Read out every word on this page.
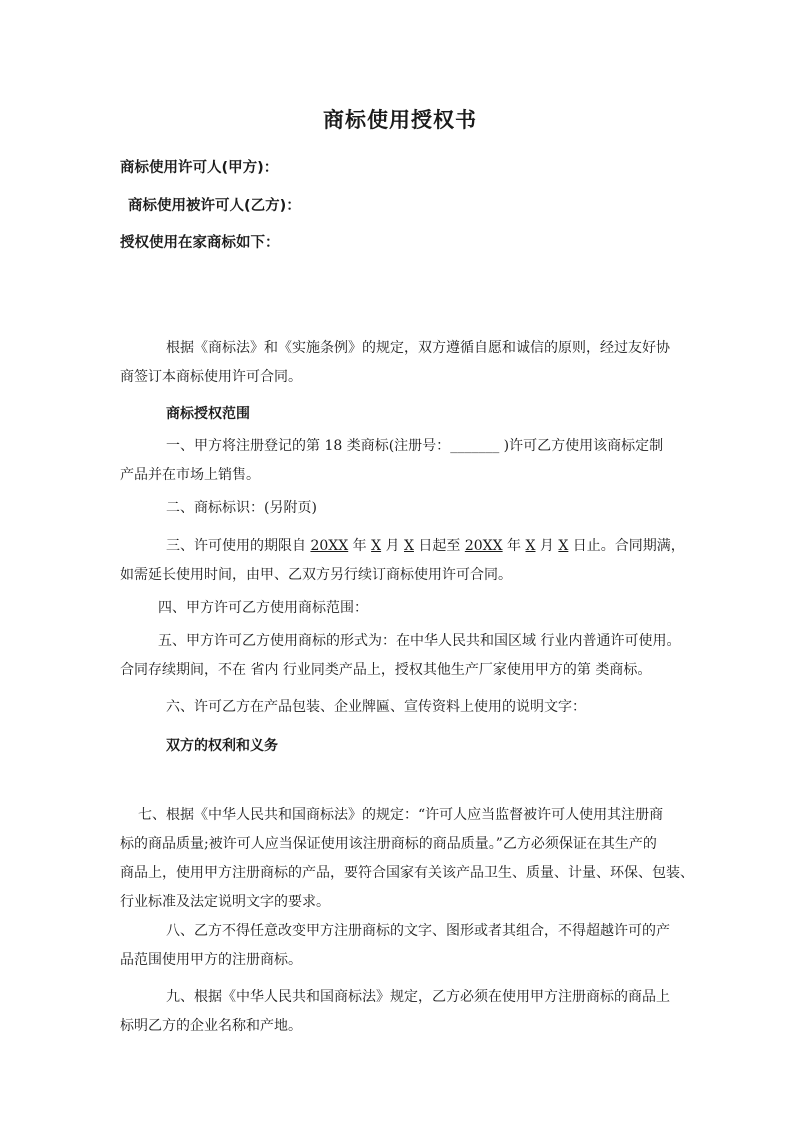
商标使用授权书
商标使用许可人(甲方)：
商标使用被许可人(乙方)：
授权使用在家商标如下：
根据《商标法》和《实施条例》的规定，双方遵循自愿和诚信的原则，经过友好协
商签订本商标使用许可合同。
商标授权范围
一、甲方将注册登记的第 18 类商标(注册号：_______ )许可乙方使用该商标定制
产品并在市场上销售。
二、商标标识：(另附页)
三、许可使用的期限自 20XX 年 X 月 X 日起至 20XX 年 X 月 X 日止。合同期满，
如需延长使用时间，由甲、乙双方另行续订商标使用许可合同。
四、甲方许可乙方使用商标范围：
五、甲方许可乙方使用商标的形式为：在中华人民共和国区域 行业内普通许可使用。
合同存续期间，不在 省内 行业同类产品上，授权其他生产厂家使用甲方的第 类商标。
六、许可乙方在产品包装、企业牌匾、宣传资料上使用的说明文字：
双方的权利和义务
七、根据《中华人民共和国商标法》的规定：“许可人应当监督被许可人使用其注册商
标的商品质量;被许可人应当保证使用该注册商标的商品质量。”乙方必须保证在其生产的
商品上，使用甲方注册商标的产品，要符合国家有关该产品卫生、质量、计量、环保、包装、
行业标准及法定说明文字的要求。
八、乙方不得任意改变甲方注册商标的文字、图形或者其组合，不得超越许可的产
品范围使用甲方的注册商标。
九、根据《中华人民共和国商标法》规定，乙方必须在使用甲方注册商标的商品上
标明乙方的企业名称和产地。
